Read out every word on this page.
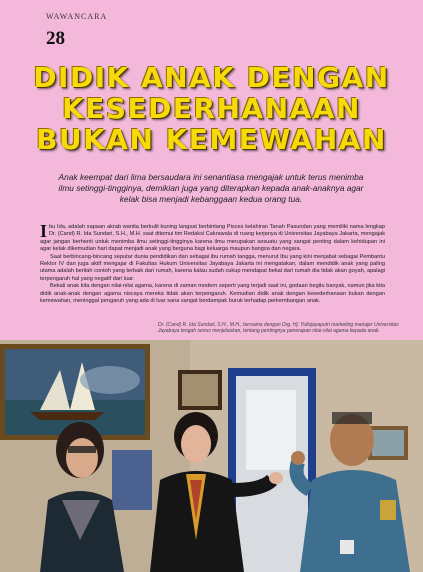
WAWANCARA
28
DIDIK ANAK DENGAN
KESEDERHANAAN
BUKAN KEMEWAHAN
Anak keempat dari lima bersaudara ini senantiasa mengajak untuk terus menimba ilmu setinggi-tingginya, demikian juga yang diterapkan kepada anak-anaknya agar kelak bisa menjadi kebanggaan kedua orang tua.

Ibu Ida, adalah sapaan akrab wanita berkulit kuning langsat berbintang Pisces kelahiran Tanah Pasundan yang memiliki nama lengkap Dr. (Cand) R. Ida Sundari, S.H., M.H. saat ditemui tim Redaksi Cakrawala di ruang kerjanya di Universitas Jayabaya Jakarta, mengajak agar jangan berhenti untuk menimba ilmu setinggi-tingginya karena ilmu merupakan sesuatu yang sangat penting dalam kehidupan ini agar kelak dikemudian hari dapat menjadi anak yang berguna bagi keluarga maupun bangsa dan negara.

Saat berbincang-bincang seputar dunia pendidikan dan sebagai ibu rumah tangga, menurut Ibu yang kini menjabat sebagai Pembantu Rektor IV dan juga aktif mengajar di Fakultas Hukum Universitas Jayabaya Jakarta ini mengatakan, dalam mendidik anak yang paling utama adalah berilah contoh yang terbaik dari rumah, karena kalau sudah cukup mendapat bekal dari rumah dia tidak akan goyah, apalagi terpengaruh hal yang negatif dari luar.

Bekali anak kita dengan nilai-nilai agama, karena di zaman modern seperti yang terjadi saat ini, godaan begitu banyak, namun jika kita didik anak-anak dengan agama niscaya mereka tidak akan terpengaruh. Kemudian didik anak dengan kesederhanaan bukan dengan kemewahan, meninggal pengaruh yang ada di luar sana sangat berdampak buruk terhadap perkembangan anak.

Dr. (Cand) R. Ida Sundari, S.H., M.H., bersama dengan Drg. Hj. Yulisjayaputri marketing manajer Universitas Jayabaya tengah serius menjelaskan, tentang pentingnya penerapan nilai-nilai agama kepada anak.
